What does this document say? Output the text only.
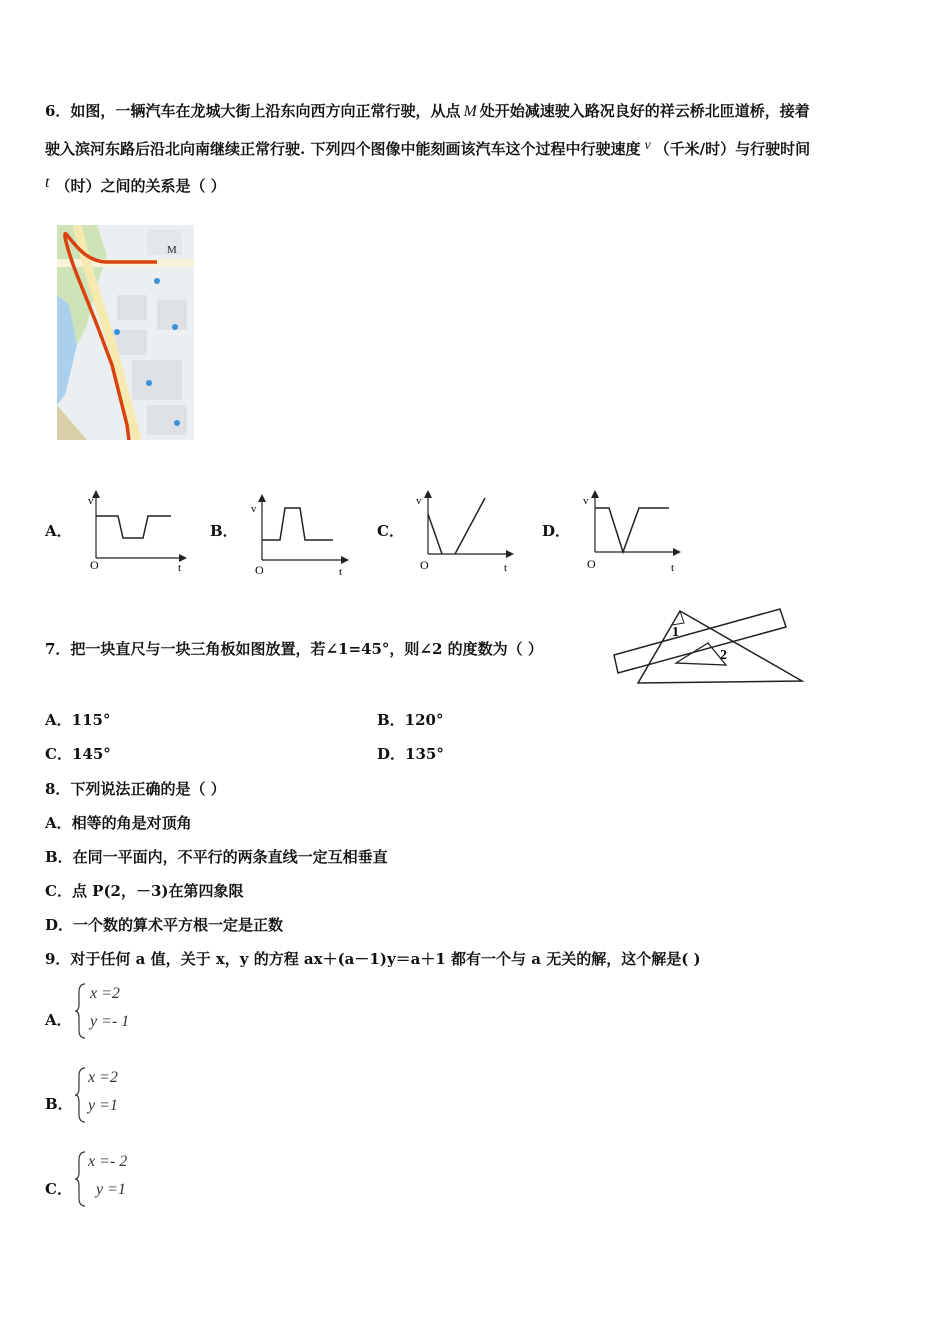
6．如图，一辆汽车在龙城大街上沿东向西方向正常行驶，从点 M 处开始减速驶入路况良好的祥云桥北匝道桥，接着
驶入滨河东路后沿北向南继续正常行驶. 下列四个图像中能刻画该汽车这个过程中行驶速度 v （千米/时）与行驶时间
t （时）之间的关系是（ ）
M
A．
v
O	t
B．
v
O	t
C．
v
O	t
D．
v
O	t
7．把一块直尺与一块三角板如图放置，若∠1=45°，则∠2 的度数为（ ）
1
2
A．115°	B．120°
C．145°	D．135°
8．下列说法正确的是（ ）
A．相等的角是对顶角
B．在同一平面内，不平行的两条直线一定互相垂直
C．点 P(2，－3)在第四象限
D．一个数的算术平方根一定是正数
9．对于任何 a 值，关于 x，y 的方程 ax＋(a－1)y＝a＋1 都有一个与 a 无关的解，这个解是( )
A．
x =2
y =- 1
B．
x =2
y =1
C．
x =- 2
y =1
